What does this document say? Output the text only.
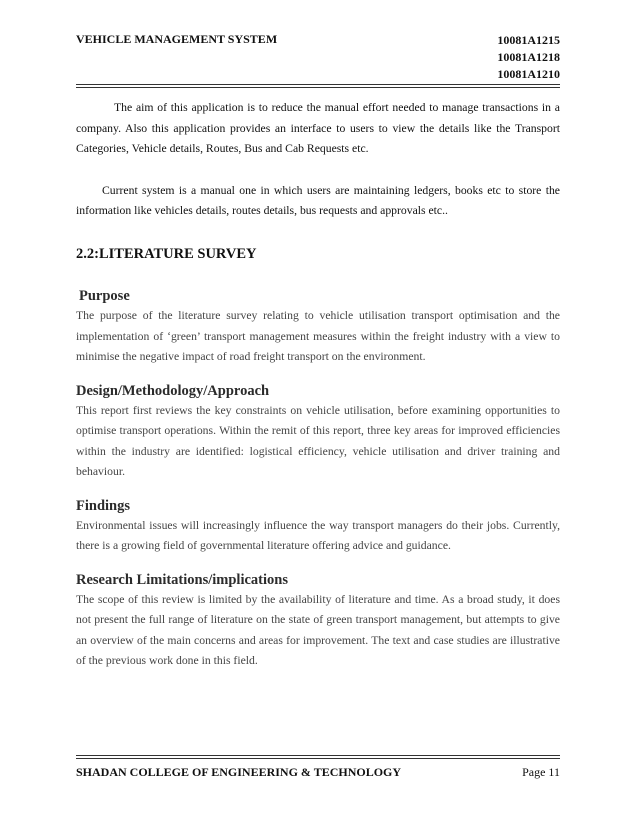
VEHICLE MANAGEMENT SYSTEM	10081A1215
10081A1218
10081A1210

The aim of this application is to reduce the manual effort needed to manage transactions in a company. Also this application provides an interface to users to view the details like the Transport Categories, Vehicle details, Routes, Bus and Cab Requests etc.

Current system is a manual one in which users are maintaining ledgers, books etc to store the information like vehicles details, routes details, bus requests and approvals etc..

2.2:LITERATURE SURVEY
Purpose

The purpose of the literature survey relating to vehicle utilisation transport optimisation and the implementation of ‘green’ transport management measures within the freight industry with a view to minimise the negative impact of road freight transport on the environment.

Design/Methodology/Approach

This report first reviews the key constraints on vehicle utilisation, before examining opportunities to optimise transport operations. Within the remit of this report, three key areas for improved efficiencies within the industry are identified: logistical efficiency, vehicle utilisation and driver training and behaviour.

Findings

Environmental issues will increasingly influence the way transport managers do their jobs. Currently, there is a growing field of governmental literature offering advice and guidance.

Research Limitations/implications

The scope of this review is limited by the availability of literature and time. As a broad study, it does not present the full range of literature on the state of green transport management, but attempts to give an overview of the main concerns and areas for improvement. The text and case studies are illustrative of the previous work done in this field.

SHADAN COLLEGE OF ENGINEERING & TECHNOLOGY	Page 11
